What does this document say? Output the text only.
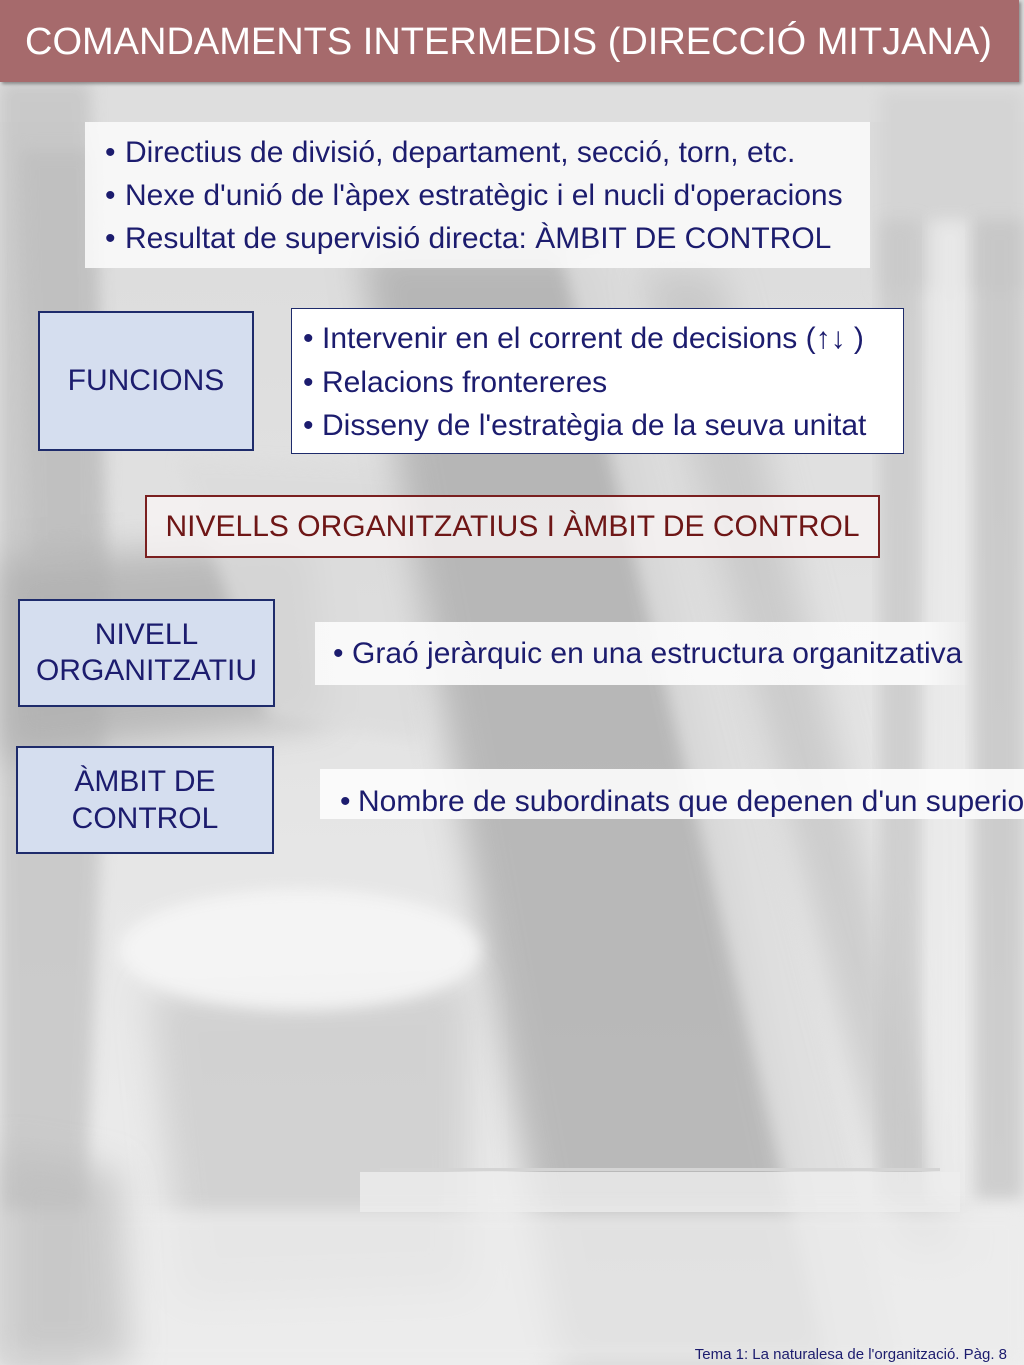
COMANDAMENTS INTERMEDIS (DIRECCIÓ MITJANA)
• Directius de divisió, departament, secció, torn, etc.
• Nexe d'unió de l'àpex estratègic i el nucli d'operacions
• Resultat de supervisió directa: ÀMBIT DE CONTROL
FUNCIONS
• Intervenir en el corrent de decisions (↑↓ )
• Relacions frontereres
• Disseny de l'estratègia de la seuva unitat
NIVELLS ORGANITZATIUS I ÀMBIT DE CONTROL
NIVELL
ORGANITZATIU
• Graó jeràrquic en una estructura organitzativa
ÀMBIT DE
CONTROL
• Nombre de subordinats que depenen d'un superio
Tema 1: La naturalesa de l'organització. Pàg. 8
